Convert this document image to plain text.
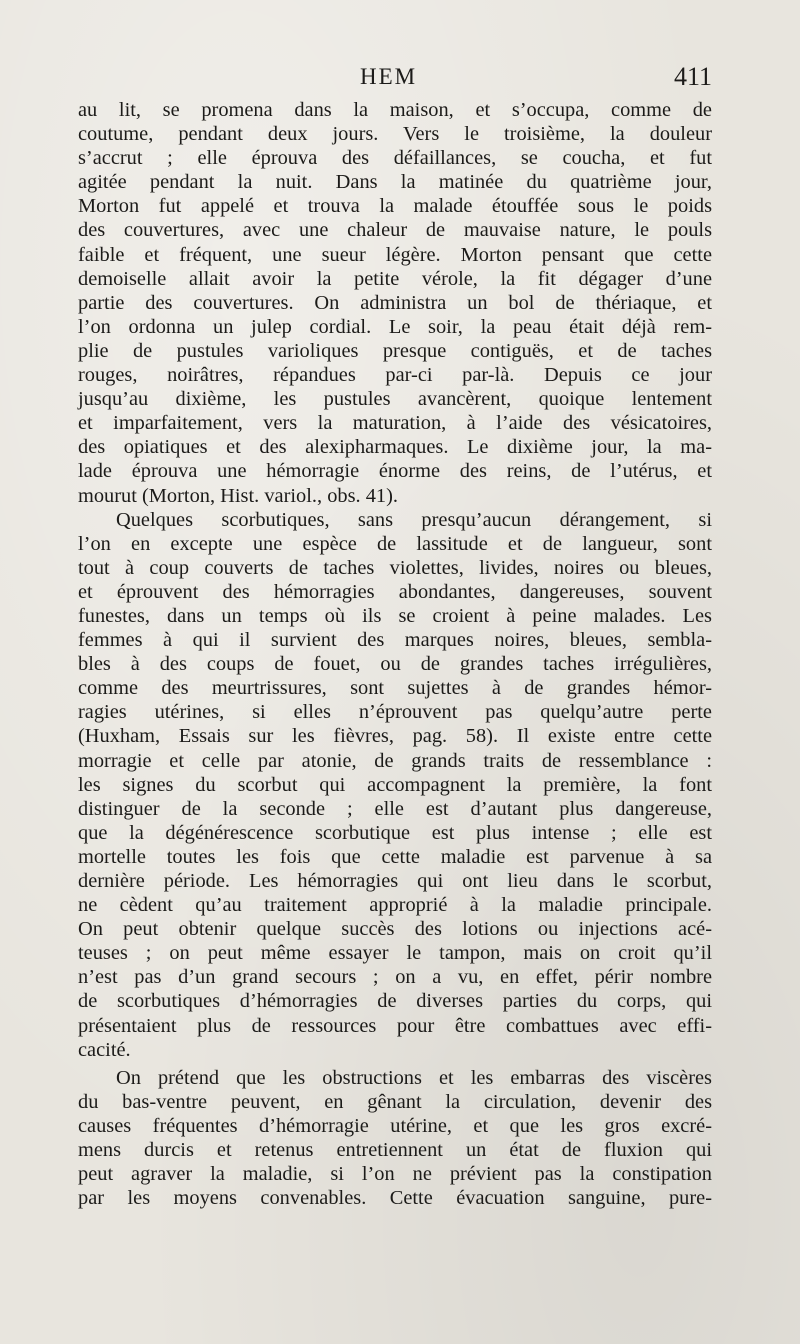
HEM	411
au lit, se promena dans la maison, et s’occupa, comme de
coutume, pendant deux jours. Vers le troisième, la douleur
s’accrut ; elle éprouva des défaillances, se coucha, et fut
agitée pendant la nuit. Dans la matinée du quatrième jour,
Morton fut appelé et trouva la malade étouffée sous le poids
des couvertures, avec une chaleur de mauvaise nature, le pouls
faible et fréquent, une sueur légère. Morton pensant que cette
demoiselle allait avoir la petite vérole, la fit dégager d’une
partie des couvertures. On administra un bol de thériaque, et
l’on ordonna un julep cordial. Le soir, la peau était déjà rem-
plie de pustules varioliques presque contiguës, et de taches
rouges, noirâtres, répandues par-ci par-là. Depuis ce jour
jusqu’au dixième, les pustules avancèrent, quoique lentement
et imparfaitement, vers la maturation, à l’aide des vésicatoires,
des opiatiques et des alexipharmaques. Le dixième jour, la ma-
lade éprouva une hémorragie énorme des reins, de l’utérus, et
mourut (Morton, Hist. variol., obs. 41).
Quelques scorbutiques, sans presqu’aucun dérangement, si
l’on en excepte une espèce de lassitude et de langueur, sont
tout à coup couverts de taches violettes, livides, noires ou bleues,
et éprouvent des hémorragies abondantes, dangereuses, souvent
funestes, dans un temps où ils se croient à peine malades. Les
femmes à qui il survient des marques noires, bleues, sembla-
bles à des coups de fouet, ou de grandes taches irrégulières,
comme des meurtrissures, sont sujettes à de grandes hémor-
ragies utérines, si elles n’éprouvent pas quelqu’autre perte
(Huxham, Essais sur les fièvres, pag. 58). Il existe entre cette
morragie et celle par atonie, de grands traits de ressemblance :
les signes du scorbut qui accompagnent la première, la font
distinguer de la seconde ; elle est d’autant plus dangereuse,
que la dégénérescence scorbutique est plus intense ; elle est
mortelle toutes les fois que cette maladie est parvenue à sa
dernière période. Les hémorragies qui ont lieu dans le scorbut,
ne cèdent qu’au traitement approprié à la maladie principale.
On peut obtenir quelque succès des lotions ou injections acé-
teuses ; on peut même essayer le tampon, mais on croit qu’il
n’est pas d’un grand secours ; on a vu, en effet, périr nombre
de scorbutiques d’hémorragies de diverses parties du corps, qui
présentaient plus de ressources pour être combattues avec effi-
cacité.
On prétend que les obstructions et les embarras des viscères
du bas-ventre peuvent, en gênant la circulation, devenir des
causes fréquentes d’hémorragie utérine, et que les gros excré-
mens durcis et retenus entretiennent un état de fluxion qui
peut agraver la maladie, si l’on ne prévient pas la constipation
par les moyens convenables. Cette évacuation sanguine, pure-
